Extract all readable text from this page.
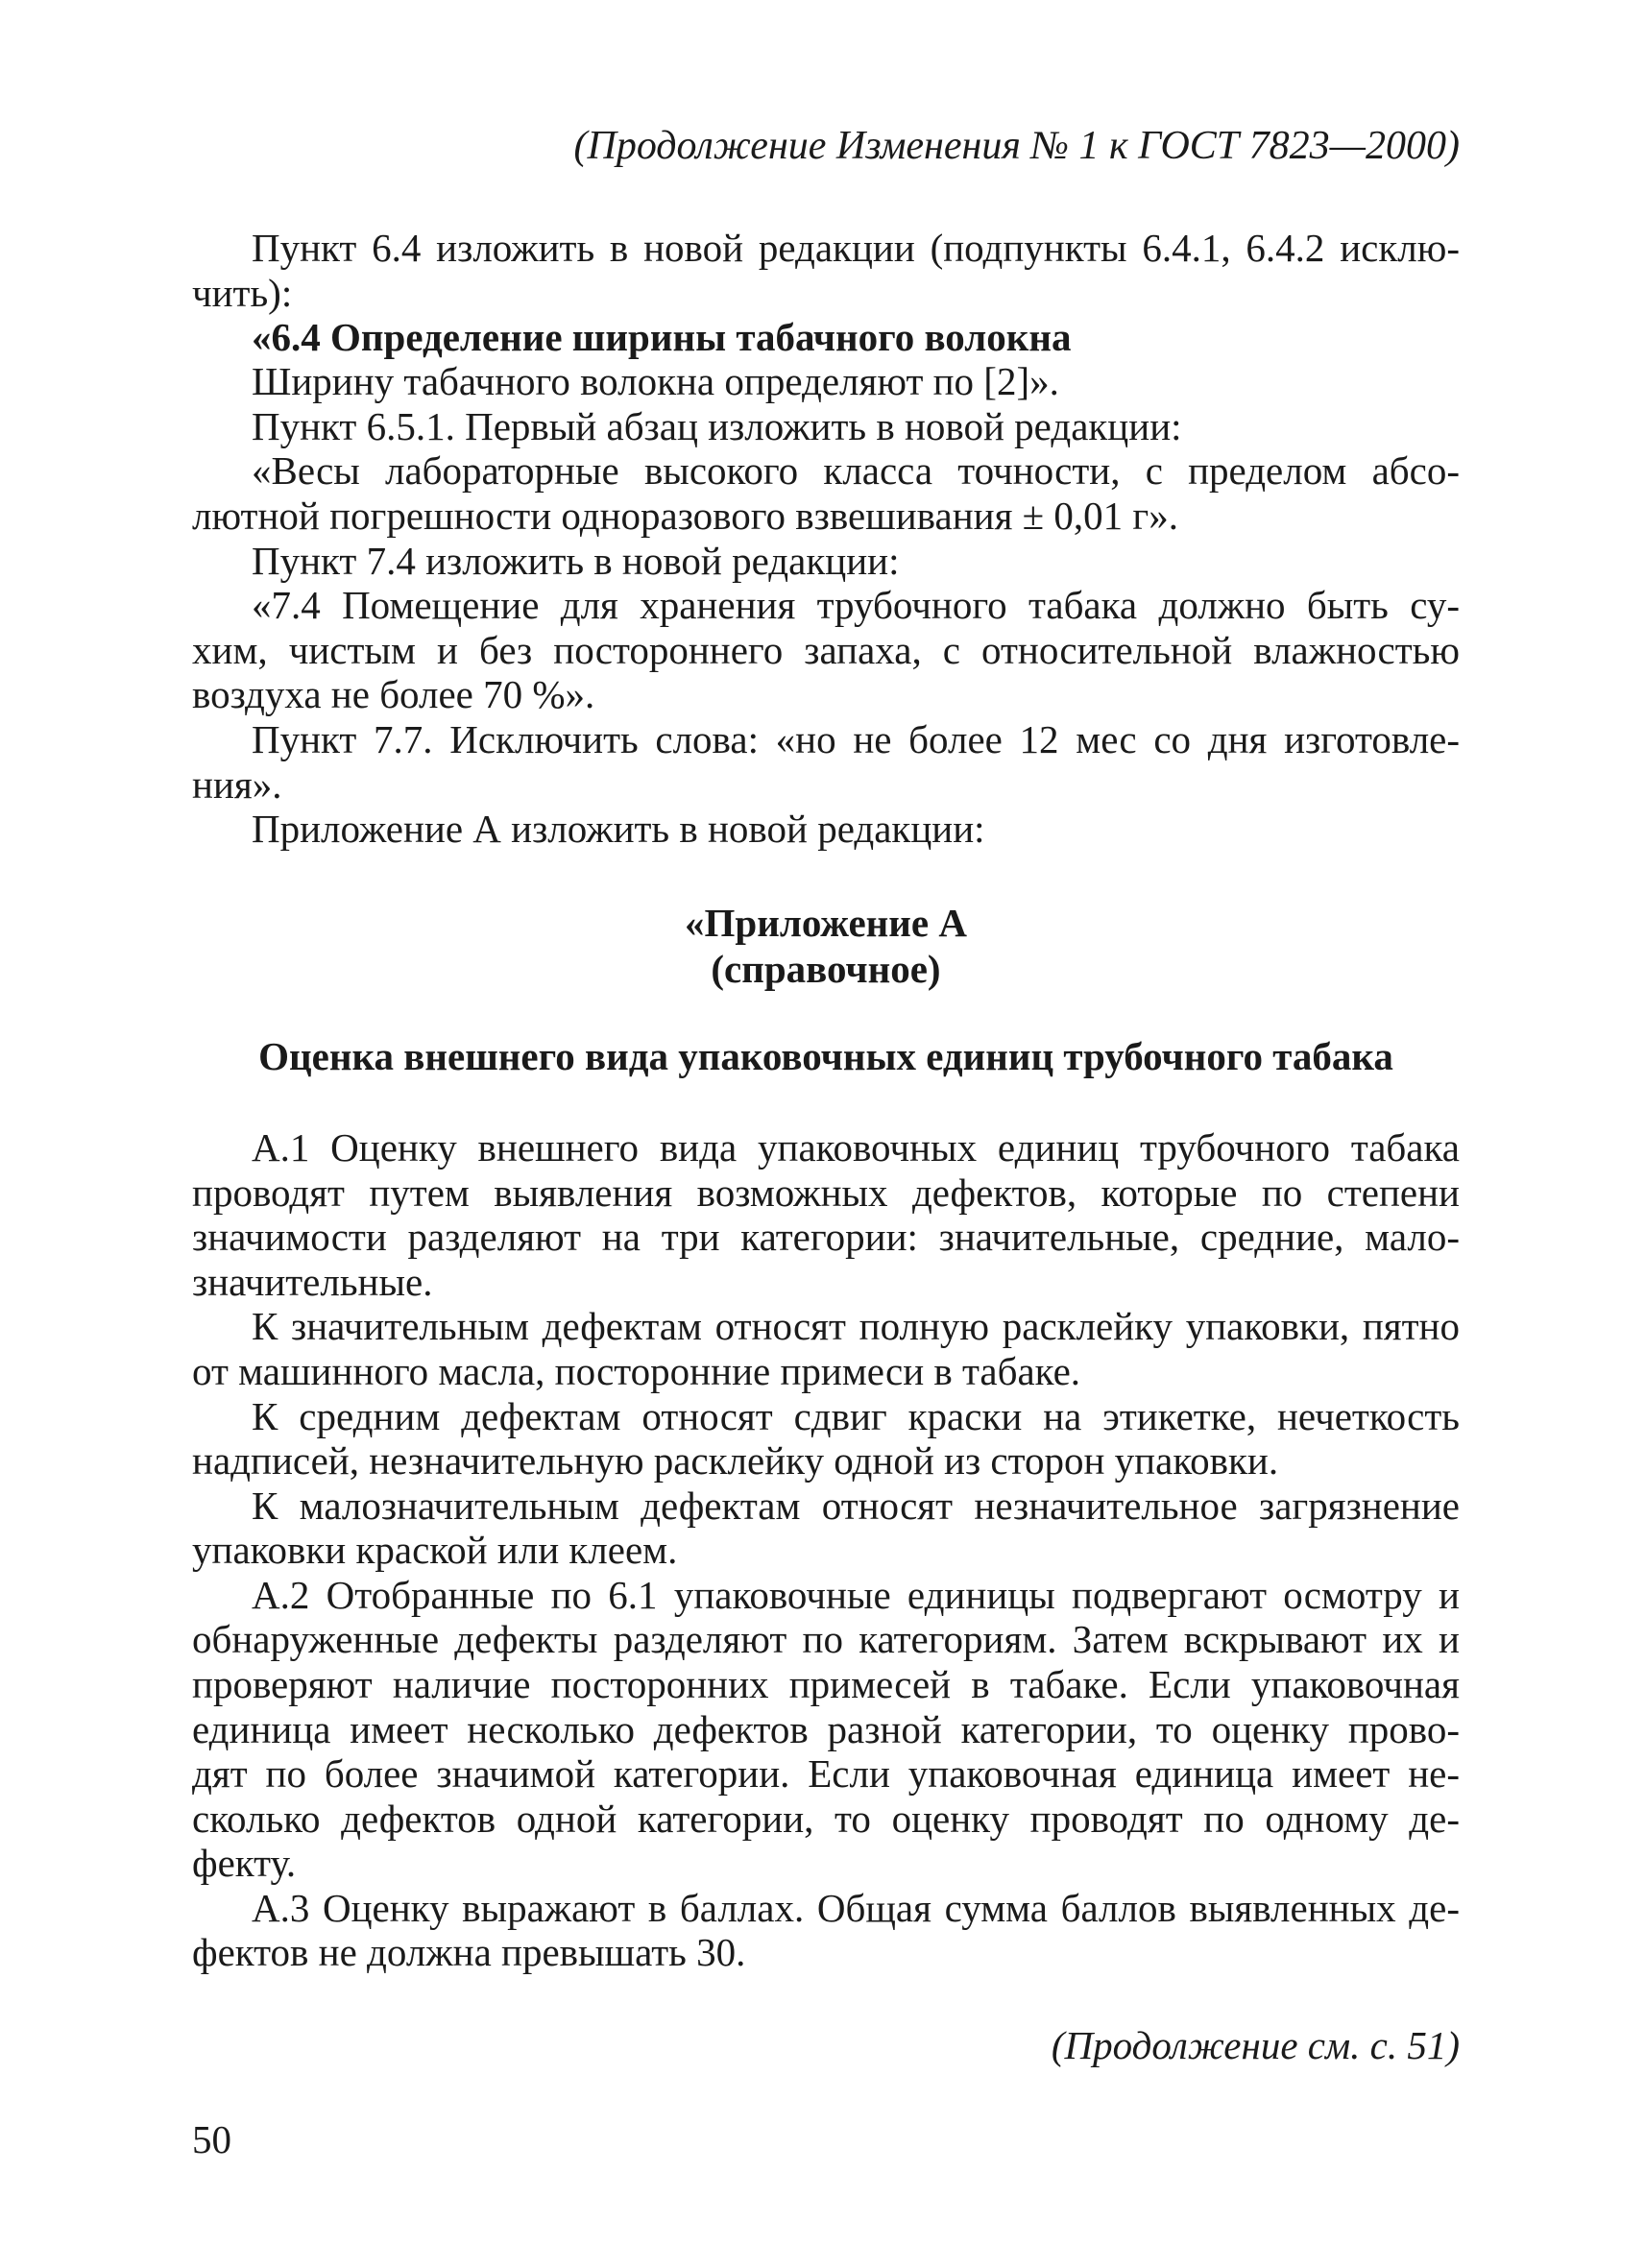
(Продолжение Изменения № 1 к ГОСТ 7823—2000)
Пункт 6.4 изложить в новой редакции (подпункты 6.4.1, 6.4.2 исклю-
чить):
«6.4 Определение ширины табачного волокна
Ширину табачного волокна определяют по [2]».
Пункт 6.5.1. Первый абзац изложить в новой редакции:
«Весы лабораторные высокого класса точности, с пределом абсо-
лютной погрешности одноразового взвешивания ± 0,01 г».
Пункт 7.4 изложить в новой редакции:
«7.4 Помещение для хранения трубочного табака должно быть су-
хим, чистым и без постороннего запаха, с относительной влажностью
воздуха не более 70 %».
Пункт 7.7. Исключить слова: «но не более 12 мес со дня изготовле-
ния».
Приложение А изложить в новой редакции:
«Приложение А
(справочное)
Оценка внешнего вида упаковочных единиц трубочного табака
А.1 Оценку внешнего вида упаковочных единиц трубочного табака
проводят путем выявления возможных дефектов, которые по степени
значимости разделяют на три категории: значительные, средние, мало-
значительные.
К значительным дефектам относят полную расклейку упаковки, пятно
от машинного масла, посторонние примеси в табаке.
К средним дефектам относят сдвиг краски на этикетке, нечеткость
надписей, незначительную расклейку одной из сторон упаковки.
К малозначительным дефектам относят незначительное загрязнение
упаковки краской или клеем.
А.2 Отобранные по 6.1 упаковочные единицы подвергают осмотру и
обнаруженные дефекты разделяют по категориям. Затем вскрывают их и
проверяют наличие посторонних примесей в табаке. Если упаковочная
единица имеет несколько дефектов разной категории, то оценку прово-
дят по более значимой категории. Если упаковочная единица имеет не-
сколько дефектов одной категории, то оценку проводят по одному де-
фекту.
А.3 Оценку выражают в баллах. Общая сумма баллов выявленных де-
фектов не должна превышать 30.
(Продолжение см. с. 51)
50
